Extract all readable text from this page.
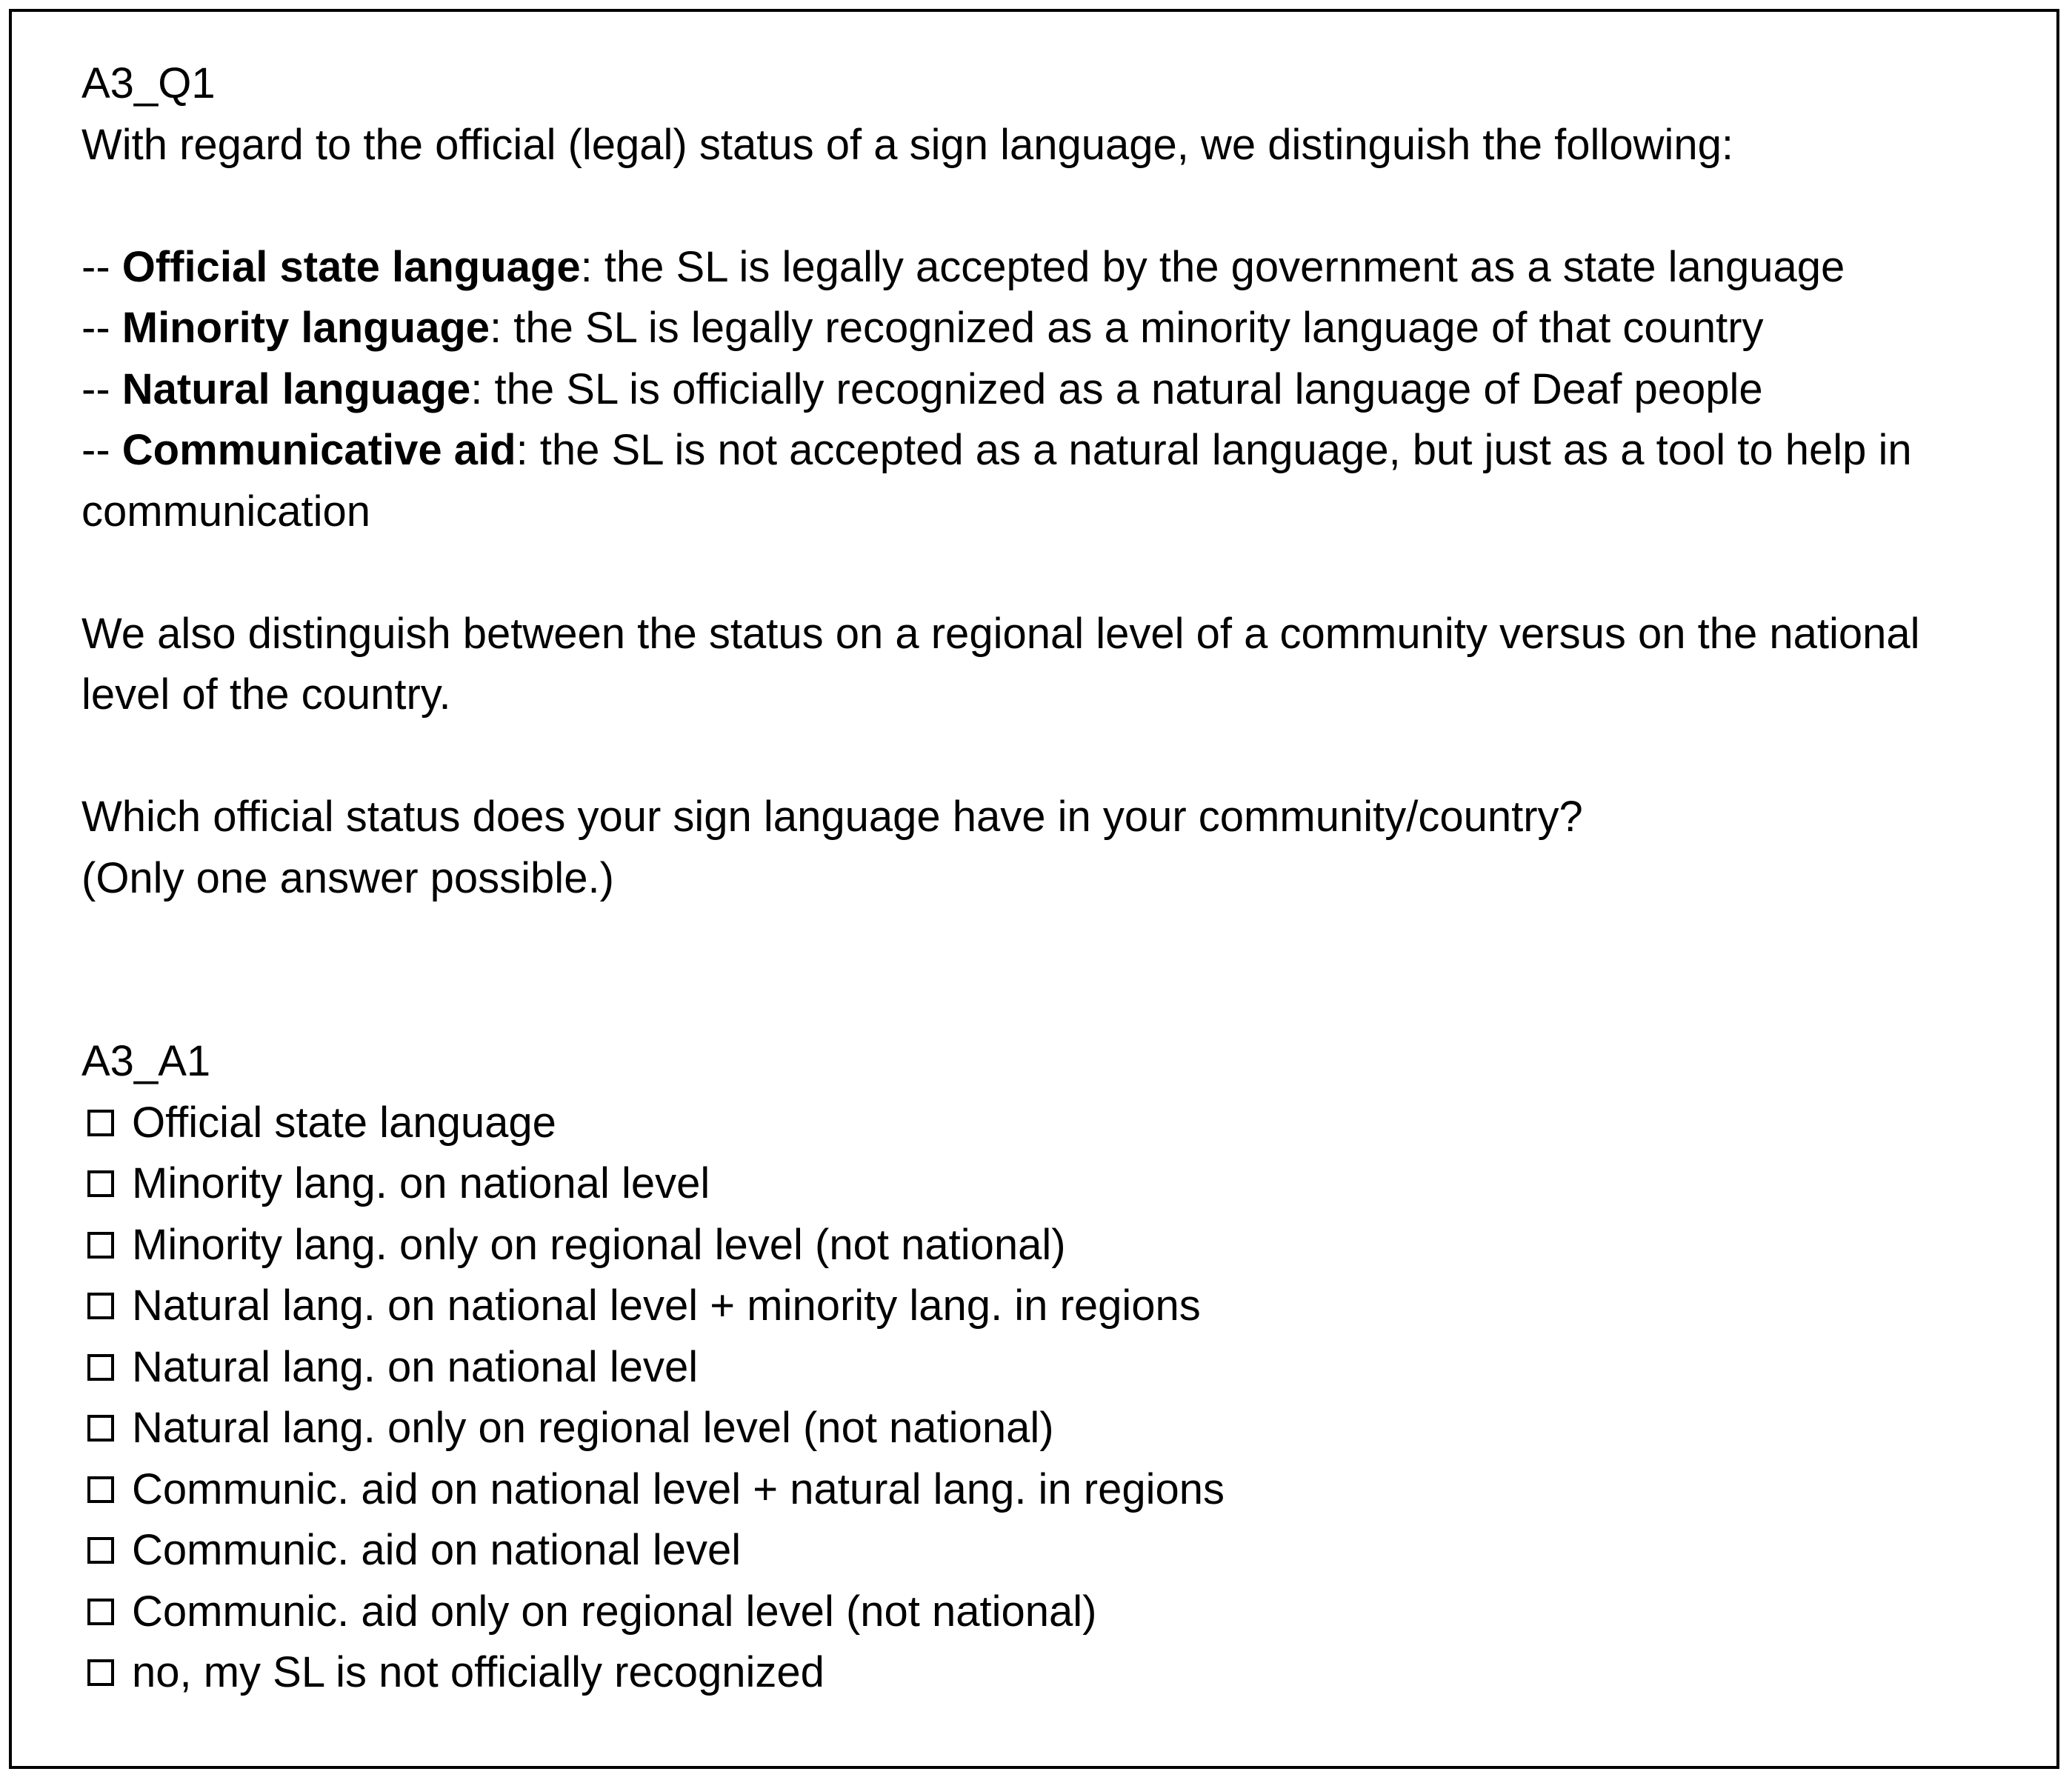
A3_Q1
With regard to the official (legal) status of a sign language, we distinguish the following:
-- Official state language: the SL is legally accepted by the government as a state language
-- Minority language: the SL is legally recognized as a minority language of that country
-- Natural language: the SL is officially recognized as a natural language of Deaf people
-- Communicative aid: the SL is not accepted as a natural language, but just as a tool to help in communication
We also distinguish between the status on a regional level of a community versus on the national level of the country.
Which official status does your sign language have in your community/country?
(Only one answer possible.)
A3_A1
Official state language
Minority lang. on national level
Minority lang. only on regional level (not national)
Natural lang. on national level + minority lang. in regions
Natural lang. on national level
Natural lang. only on regional level (not national)
Communic. aid on national level + natural lang. in regions
Communic. aid on national level
Communic. aid only on regional level (not national)
no, my SL is not officially recognized
